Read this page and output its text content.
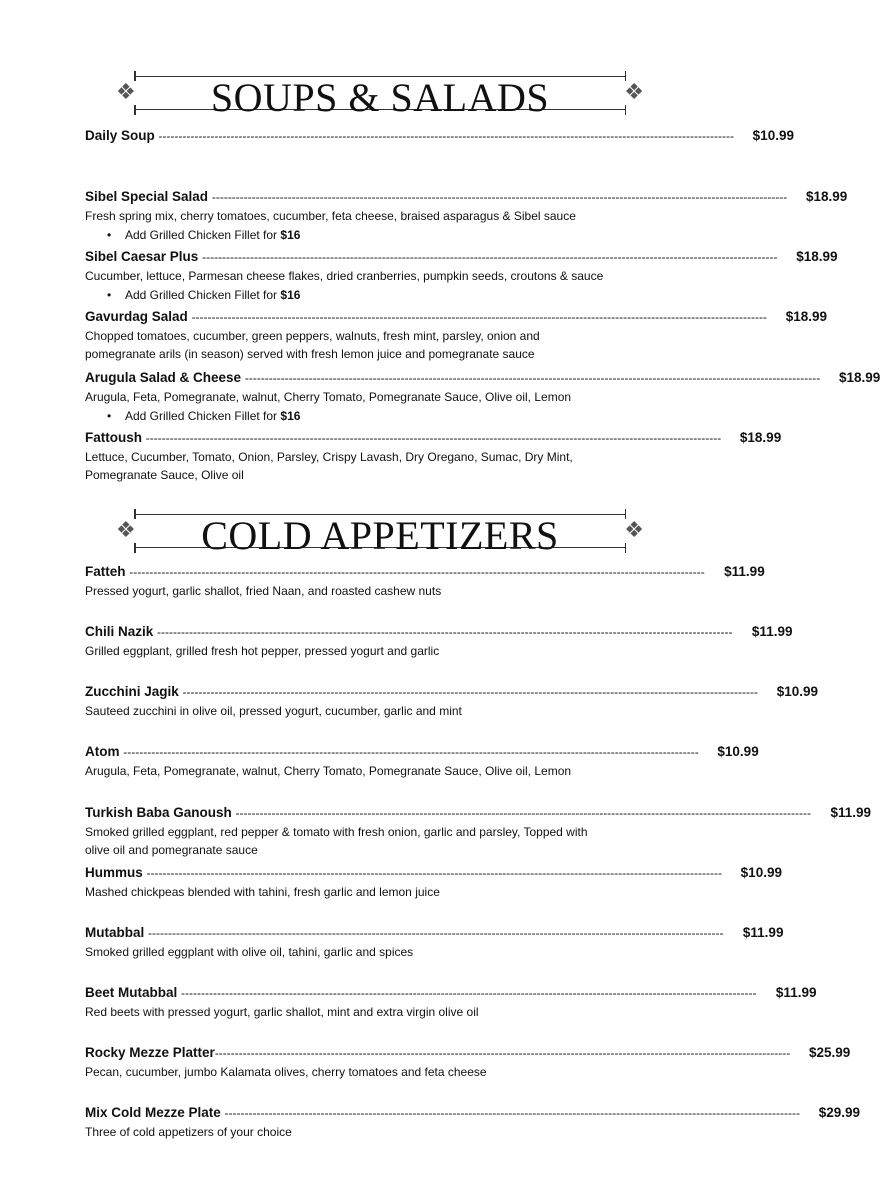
❖	❖
SOUPS & SALADS
Daily Soup ------------------------------------------------------------------------------------------------------------------------------------------------	$10.99
Sibel Special Salad ------------------------------------------------------------------------------------------------------------------------------------------------	$18.99
Fresh spring mix, cherry tomatoes, cucumber, feta cheese, braised asparagus & Sibel sauce
• Add Grilled Chicken Fillet for $16
Sibel Caesar Plus ------------------------------------------------------------------------------------------------------------------------------------------------	$18.99
Cucumber, lettuce, Parmesan cheese flakes, dried cranberries, pumpkin seeds, croutons & sauce
• Add Grilled Chicken Fillet for $16
Gavurdag Salad ------------------------------------------------------------------------------------------------------------------------------------------------	$18.99
Chopped tomatoes, cucumber, green peppers, walnuts, fresh mint, parsley, onion and pomegranate arils (in season) served with fresh lemon juice and pomegranate sauce
Arugula Salad & Cheese ------------------------------------------------------------------------------------------------------------------------------------------------	$18.99
Arugula, Feta, Pomegranate, walnut, Cherry Tomato, Pomegranate Sauce, Olive oil, Lemon
• Add Grilled Chicken Fillet for $16
Fattoush ------------------------------------------------------------------------------------------------------------------------------------------------	$18.99
Lettuce, Cucumber, Tomato, Onion, Parsley, Crispy Lavash, Dry Oregano, Sumac, Dry Mint, Pomegranate Sauce, Olive oil
❖	❖
COLD APPETIZERS
Fatteh ------------------------------------------------------------------------------------------------------------------------------------------------	$11.99
Pressed yogurt, garlic shallot, fried Naan, and roasted cashew nuts
Chili Nazik ------------------------------------------------------------------------------------------------------------------------------------------------	$11.99
Grilled eggplant, grilled fresh hot pepper, pressed yogurt and garlic
Zucchini Jagik ------------------------------------------------------------------------------------------------------------------------------------------------	$10.99
Sauteed zucchini in olive oil, pressed yogurt, cucumber, garlic and mint
Atom ------------------------------------------------------------------------------------------------------------------------------------------------	$10.99
Arugula, Feta, Pomegranate, walnut, Cherry Tomato, Pomegranate Sauce, Olive oil, Lemon
Turkish Baba Ganoush ------------------------------------------------------------------------------------------------------------------------------------------------	$11.99
Smoked grilled eggplant, red pepper & tomato with fresh onion, garlic and parsley, Topped with olive oil and pomegranate sauce
Hummus ------------------------------------------------------------------------------------------------------------------------------------------------	$10.99
Mashed chickpeas blended with tahini, fresh garlic and lemon juice
Mutabbal ------------------------------------------------------------------------------------------------------------------------------------------------	$11.99
Smoked grilled eggplant with olive oil, tahini, garlic and spices
Beet Mutabbal ------------------------------------------------------------------------------------------------------------------------------------------------	$11.99
Red beets with pressed yogurt, garlic shallot, mint and extra virgin olive oil
Rocky Mezze Platter------------------------------------------------------------------------------------------------------------------------------------------------	$25.99
Pecan, cucumber, jumbo Kalamata olives, cherry tomatoes and feta cheese
Mix Cold Mezze Plate ------------------------------------------------------------------------------------------------------------------------------------------------	$29.99
Three of cold appetizers of your choice
